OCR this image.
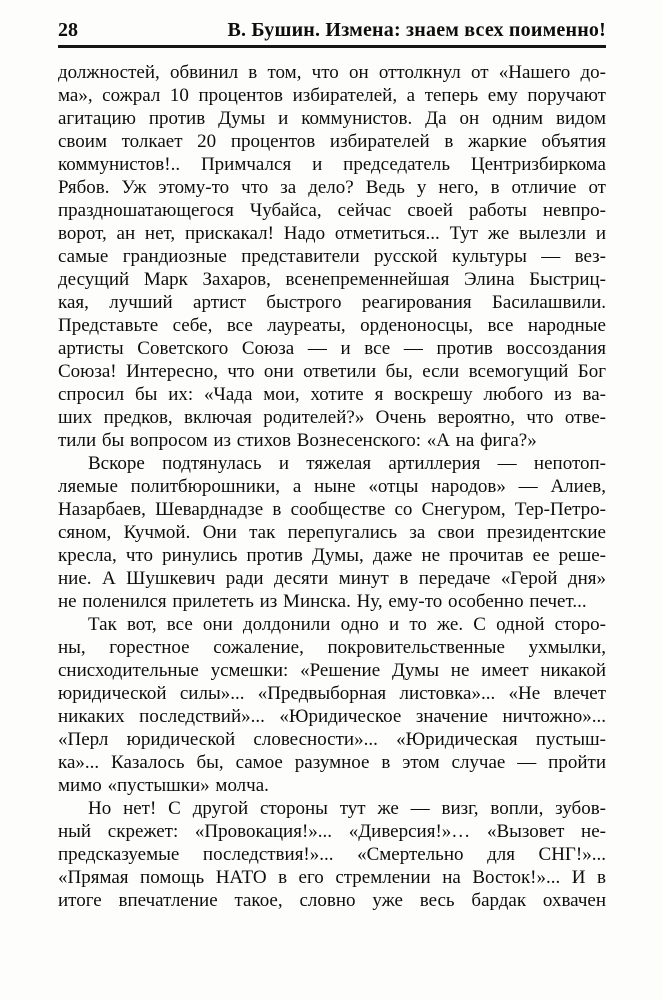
28	В. Бушин. Измена: знаем всех поименно!
должностей, обвинил в том, что он оттолкнул от «Нашего до-
ма», сожрал 10 процентов избирателей, а теперь ему поручают
агитацию против Думы и коммунистов. Да он одним видом
своим толкает 20 процентов избирателей в жаркие объятия
коммунистов!.. Примчался и председатель Центризбиркома
Рябов. Уж этому-то что за дело? Ведь у него, в отличие от
праздношатающегося Чубайса, сейчас своей работы невпро-
ворот, ан нет, прискакал! Надо отметиться... Тут же вылезли и
самые грандиозные представители русской культуры — вез-
десущий Марк Захаров, всенепременнейшая Элина Быстриц-
кая, лучший артист быстрого реагирования Басилашвили.
Представьте себе, все лауреаты, орденоносцы, все народные
артисты Советского Союза — и все — против воссоздания
Союза! Интересно, что они ответили бы, если всемогущий Бог
спросил бы их: «Чада мои, хотите я воскрешу любого из ва-
ших предков, включая родителей?» Очень вероятно, что отве-
тили бы вопросом из стихов Вознесенского: «А на фига?»
Вскоре подтянулась и тяжелая артиллерия — непотоп-
ляемые политбюрошники, а ныне «отцы народов» — Алиев,
Назарбаев, Шеварднадзе в сообществе со Снегуром, Тер-Петро-
сяном, Кучмой. Они так перепугались за свои президентские
кресла, что ринулись против Думы, даже не прочитав ее реше-
ние. А Шушкевич ради десяти минут в передаче «Герой дня»
не поленился прилететь из Минска. Ну, ему-то особенно печет...
Так вот, все они долдонили одно и то же. С одной сторо-
ны, горестное сожаление, покровительственные ухмылки,
снисходительные усмешки: «Решение Думы не имеет никакой
юридической силы»... «Предвыборная листовка»... «Не влечет
никаких последствий»... «Юридическое значение ничтожно»...
«Перл юридической словесности»... «Юридическая пустыш-
ка»... Казалось бы, самое разумное в этом случае — пройти
мимо «пустышки» молча.
Но нет! С другой стороны тут же — визг, вопли, зубов-
ный скрежет: «Провокация!»... «Диверсия!»… «Вызовет не-
предсказуемые последствия!»... «Смертельно для СНГ!»...
«Прямая помощь НАТО в его стремлении на Восток!»... И в
итоге впечатление такое, словно уже весь бардак охвачен
